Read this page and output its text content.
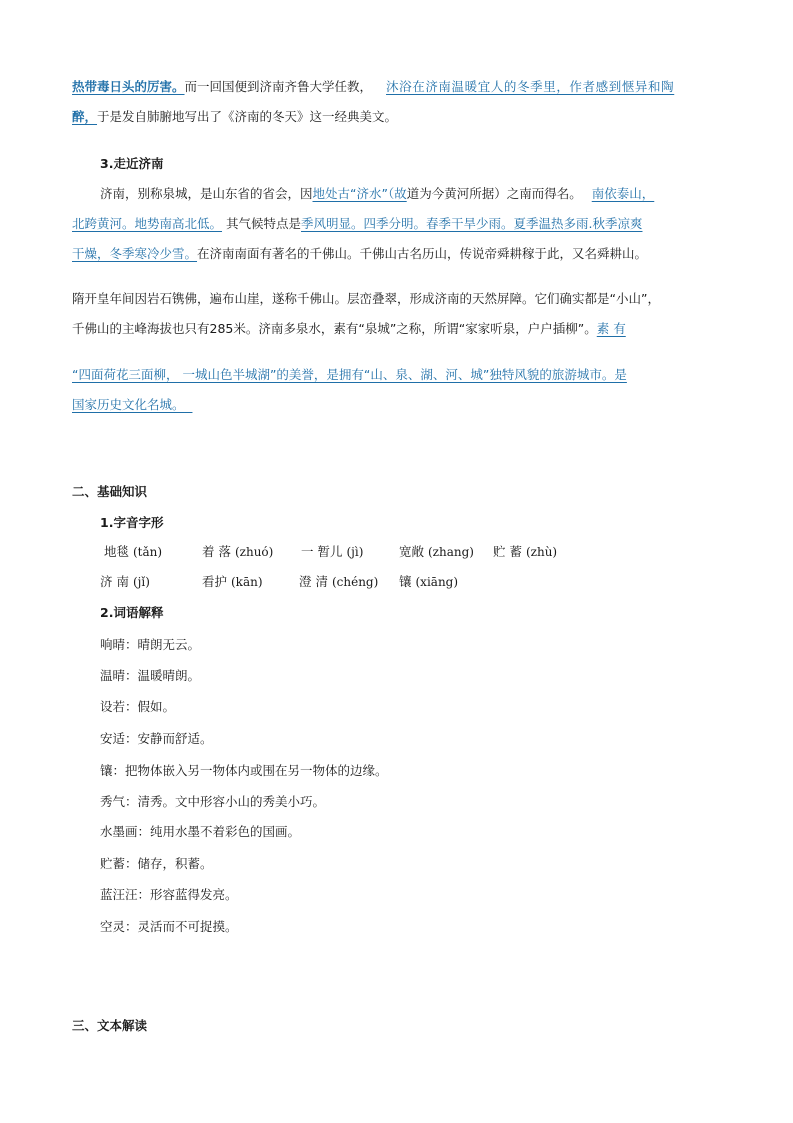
热带毒日头的厉害。而一回国便到济南齐鲁大学任教， 沐浴在济南温暖宜人的冬季里，作者感到惬异和陶
醉，于是发自肺腑地写出了《济南的冬天》这一经典美文。
3.走近济南
济南，别称泉城，是山东省的省会，因地处古“济水”（故道为今黄河所据）之南而得名。 南依泰山，
北跨黄河。地势南高北低。 其气候特点是季风明显。四季分明。春季干旱少雨。夏季温热多雨.秋季凉爽
干燥，冬季寒冷少雪。在济南南面有著名的千佛山。千佛山古名历山，传说帝舜耕稼于此，又名舜耕山。
隋开皇年间因岩石镌佛，遍布山崖，遂称千佛山。层峦叠翠，形成济南的天然屏障。它们确实都是“小山”，
千佛山的主峰海拔也只有285米。济南多泉水，素有“泉城”之称，所谓“家家听泉，户户插柳”。素 有
“四面荷花三面柳， 一城山色半城湖”的美誉，是拥有“山、泉、湖、河、城”独特风貌的旅游城市。是
国家历史文化名城。
二、基础知识
1.字音字形
地毯 (tǎn)	着 落 (zhuó) 一 暂儿 (jì)	宽敞 (zhang) 贮 蓄 (zhù)
济 南 (jǐ)	看护 (kān)	澄 清 (chéng) 镶 (xiāng)
2.词语解释
响晴：晴朗无云。
温晴：温暖晴朗。
设若：假如。
安适：安静而舒适。
镶：把物体嵌入另一物体内或围在另一物体的边缘。
秀气：清秀。文中形容小山的秀美小巧。
水墨画：纯用水墨不着彩色的国画。
贮蓄：储存，积蓄。
蓝汪汪：形容蓝得发亮。
空灵：灵活而不可捉摸。
三、文本解读
